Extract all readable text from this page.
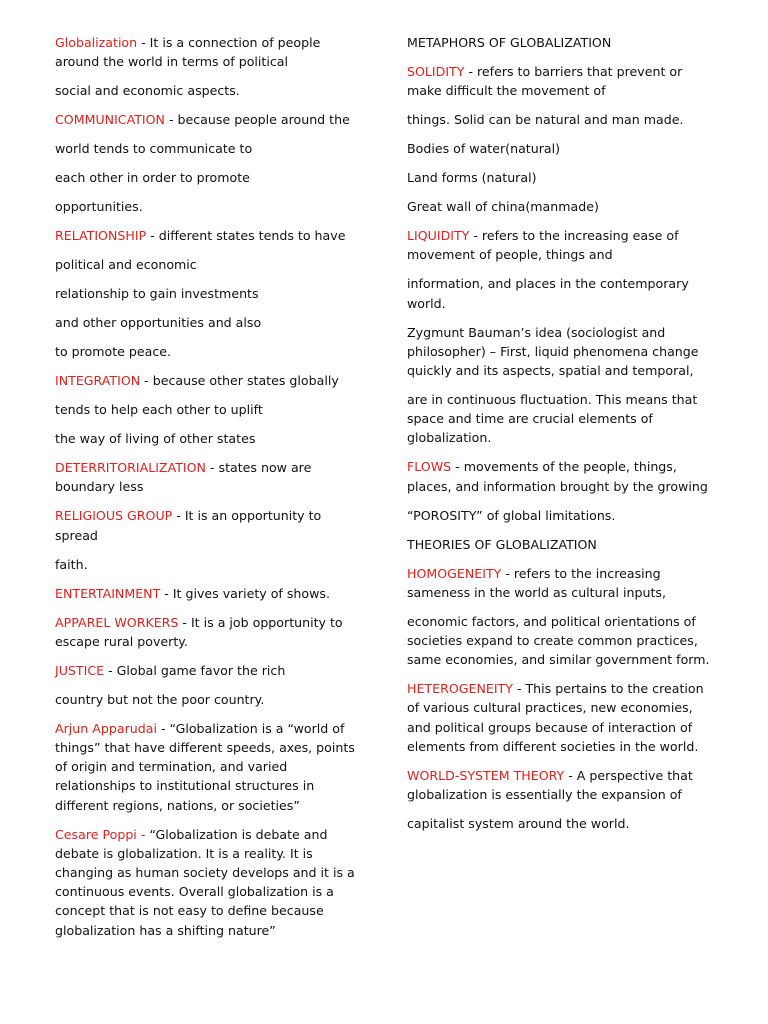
Globalization - It is a connection of people around the world in terms of political

social and economic aspects.

COMMUNICATION - because people around the

world tends to communicate to

each other in order to promote

opportunities.

RELATIONSHIP - different states tends to have

political and economic

relationship to gain investments

and other opportunities and also

to promote peace.

INTEGRATION - because other states globally

tends to help each other to uplift

the way of living of other states

DETERRITORIALIZATION - states now are boundary less

RELIGIOUS GROUP - It is an opportunity to spread

faith.

ENTERTAINMENT - It gives variety of shows.

APPAREL WORKERS - It is a job opportunity to escape rural poverty.

JUSTICE - Global game favor the rich

country but not the poor country.

Arjun Apparudai - “Globalization is a “world of things” that have different speeds, axes, points of origin and termination, and varied relationships to institutional structures in different regions, nations, or societies”

Cesare Poppi - “Globalization is debate and debate is globalization. It is a reality. It is changing as human society develops and it is a continuous events. Overall globalization is a concept that is not easy to define because globalization has a shifting nature”

METAPHORS OF GLOBALIZATION

SOLIDITY - refers to barriers that prevent or make difficult the movement of

things. Solid can be natural and man made.

Bodies of water(natural)

Land forms (natural)

Great wall of china(manmade)

LIQUIDITY - refers to the increasing ease of movement of people, things and

information, and places in the contemporary world.

Zygmunt Bauman’s idea (sociologist and philosopher) – First, liquid phenomena change quickly and its aspects, spatial and temporal,

are in continuous fluctuation. This means that space and time are crucial elements of globalization.

FLOWS - movements of the people, things, places, and information brought by the growing

“POROSITY” of global limitations.

THEORIES OF GLOBALIZATION

HOMOGENEITY - refers to the increasing sameness in the world as cultural inputs,

economic factors, and political orientations of societies expand to create common practices, same economies, and similar government form.

HETEROGENEITY - This pertains to the creation of various cultural practices, new economies, and political groups because of interaction of elements from different societies in the world.

WORLD-SYSTEM THEORY - A perspective that globalization is essentially the expansion of

capitalist system around the world.
